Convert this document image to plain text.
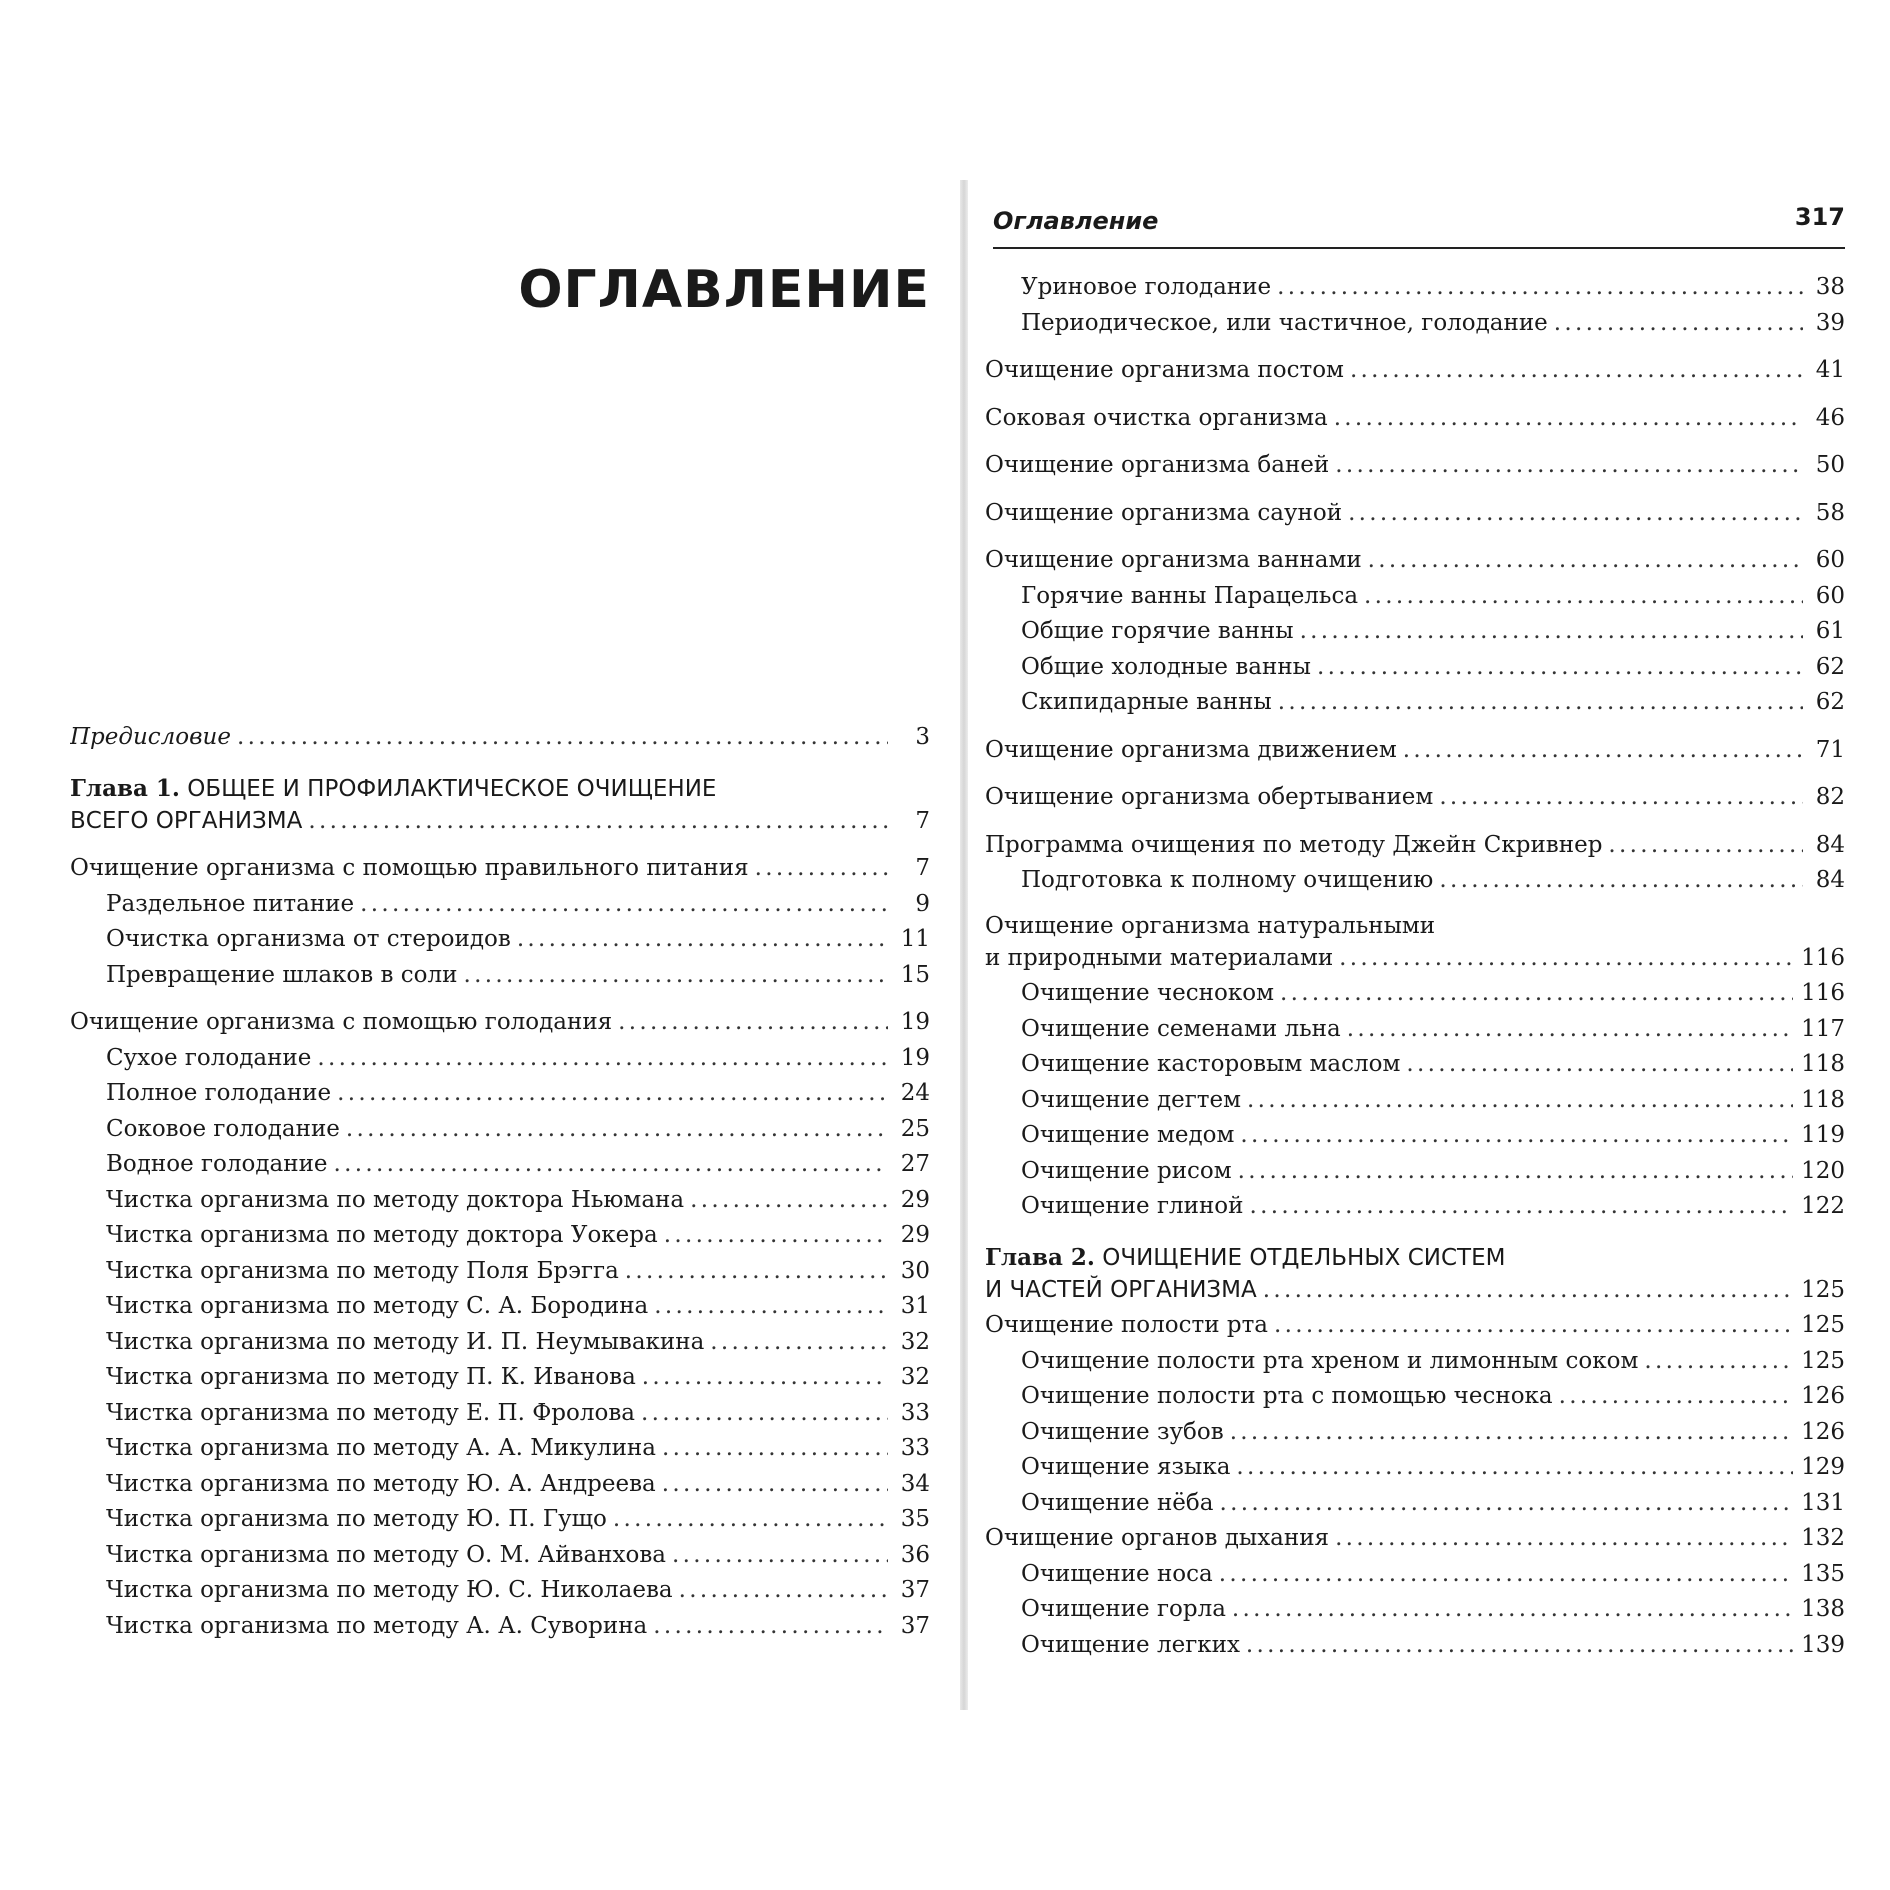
ОГЛАВЛЕНИЕ
Предисловие . . .	3
Глава 1. ОБЩЕЕ И ПРОФИЛАКТИЧЕСКОЕ ОЧИЩЕНИЕ
ВСЕГО ОРГАНИЗМА . . .	7
Очищение организма с помощью правильного питания . . .	7
Раздельное питание . . .	9
Очистка организма от стероидов . . .	11
Превращение шлаков в соли . . .	15
Очищение организма с помощью голодания . . .	19
Сухое голодание . . .	19
Полное голодание . . .	24
Соковое голодание . . .	25
Водное голодание . . .	27
Чистка организма по методу доктора Ньюмана . . .	29
Чистка организма по методу доктора Уокера . . .	29
Чистка организма по методу Поля Брэгга . . .	30
Чистка организма по методу С. А. Бородина . . .	31
Чистка организма по методу И. П. Неумывакина . . .	32
Чистка организма по методу П. К. Иванова . . .	32
Чистка организма по методу Е. П. Фролова . . .	33
Чистка организма по методу А. А. Микулина . . .	33
Чистка организма по методу Ю. А. Андреева . . .	34
Чистка организма по методу Ю. П. Гущо . . .	35
Чистка организма по методу О. М. Айванхова . . .	36
Чистка организма по методу Ю. С. Николаева . . .	37
Чистка организма по методу А. А. Суворина . . .	37
Оглавление	317
Уриновое голодание . . .	38
Периодическое, или частичное, голодание . . .	39
Очищение организма постом . . .	41
Соковая очистка организма . . .	46
Очищение организма баней . . .	50
Очищение организма сауной . . .	58
Очищение организма ваннами . . .	60
Горячие ванны Парацельса . . .	60
Общие горячие ванны . . .	61
Общие холодные ванны . . .	62
Скипидарные ванны . . .	62
Очищение организма движением . . .	71
Очищение организма обертыванием . . .	82
Программа очищения по методу Джейн Скривнер . . .	84
Подготовка к полному очищению . . .	84
Очищение организма натуральными
и природными материалами . . .	116
Очищение чесноком . . .	116
Очищение семенами льна . . .	117
Очищение касторовым маслом . . .	118
Очищение дегтем . . .	118
Очищение медом . . .	119
Очищение рисом . . .	120
Очищение глиной . . .	122
Глава 2. ОЧИЩЕНИЕ ОТДЕЛЬНЫХ СИСТЕМ
И ЧАСТЕЙ ОРГАНИЗМА . . .	125
Очищение полости рта . . .	125
Очищение полости рта хреном и лимонным соком . . .	125
Очищение полости рта с помощью чеснока . . .	126
Очищение зубов . . .	126
Очищение языка . . .	129
Очищение нёба . . .	131
Очищение органов дыхания . . .	132
Очищение носа . . .	135
Очищение горла . . .	138
Очищение легких . . .	139
